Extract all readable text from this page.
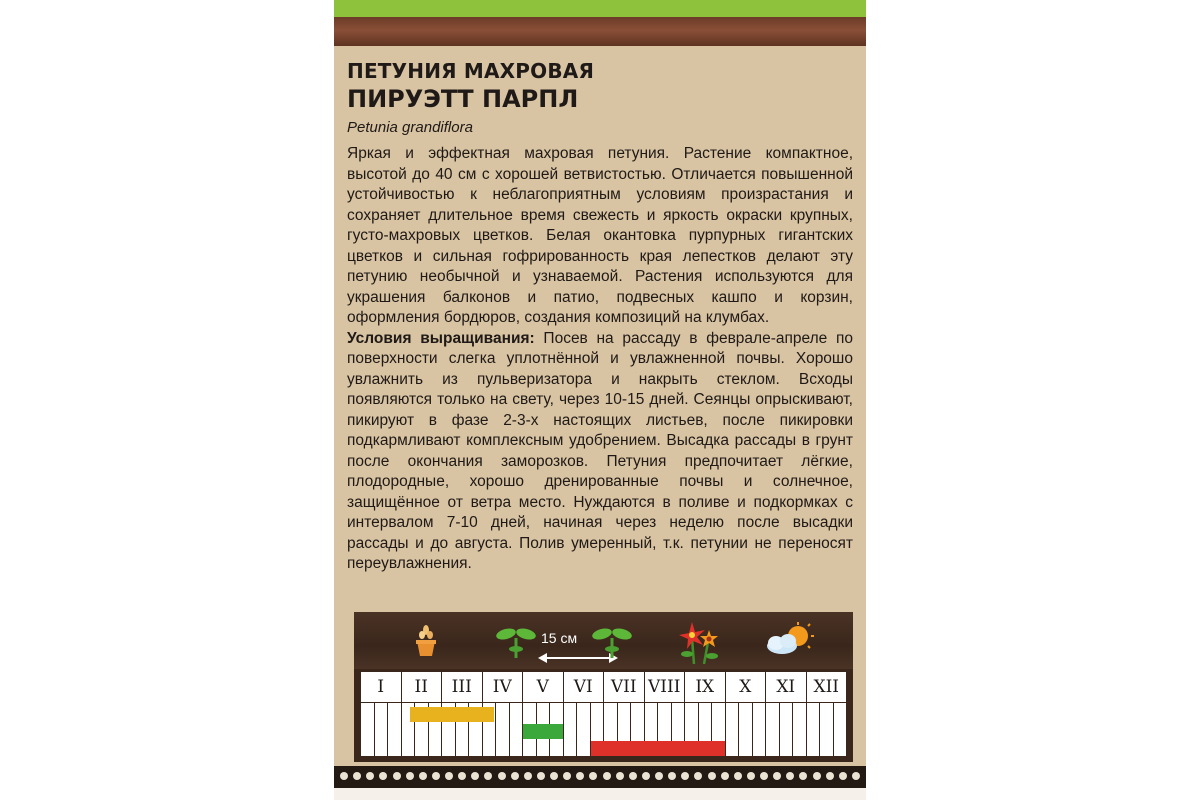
ПЕТУНИЯ МАХРОВАЯ
ПИРУЭТТ ПАРПЛ
Petunia grandiflora
Яркая и эффектная махровая петуния. Растение компактное, высотой до 40 см с хорошей ветвистостью. Отличается повышенной устойчивостью к неблагоприятным условиям произрастания и сохраняет длительное время свежесть и яркость окраски крупных, густо-махровых цветков. Белая окантовка пурпурных гигантских цветков и сильная гофрированность края лепестков делают эту петунию необычной и узнаваемой. Растения используются для украшения балконов и патио, подвесных кашпо и корзин, оформления бордюров, создания композиций на клумбах.
Условия выращивания: Посев на рассаду в феврале-апреле по поверхности слегка уплотнённой и увлажненной почвы. Хорошо увлажнить из пульверизатора и накрыть стеклом. Всходы появляются только на свету, через 10-15 дней. Сеянцы опрыскивают, пикируют в фазе 2-3-х настоящих листьев, после пикировки подкармливают комплексным удобрением. Высадка рассады в грунт после окончания заморозков. Петуния предпочитает лёгкие, плодородные, хорошо дренированные почвы и солнечное, защищённое от ветра место. Нуждаются в поливе и подкормках с интервалом 7-10 дней, начиная через неделю после высадки рассады и до августа. Полив умеренный, т.к. петунии не переносят переувлажнения.
15 см
I	II	III	IV	V	VI	VII VIII IX	X	XI	XII
